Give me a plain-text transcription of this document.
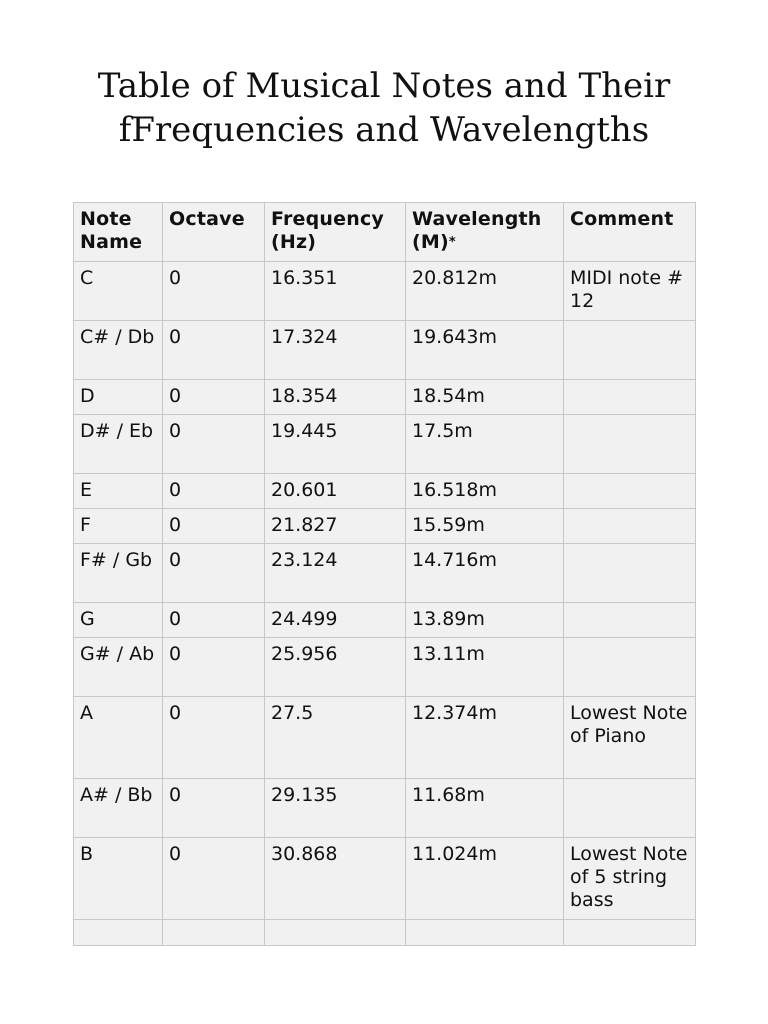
Table of Musical Notes and Their
fFrequencies and Wavelengths
Note Name	Octave	Frequency (Hz)	Wavelength (M)*	Comment
C	0	16.351	20.812m	MIDI note # 12
C# / Db	0	17.324	19.643m	
D	0	18.354	18.54m	
D# / Eb	0	19.445	17.5m	
E	0	20.601	16.518m	
F	0	21.827	15.59m	
F# / Gb	0	23.124	14.716m	
G	0	24.499	13.89m	
G# / Ab	0	25.956	13.11m	
A	0	27.5	12.374m	Lowest Note of Piano
A# / Bb	0	29.135	11.68m	
B	0	30.868	11.024m	Lowest Note of 5 string bass
